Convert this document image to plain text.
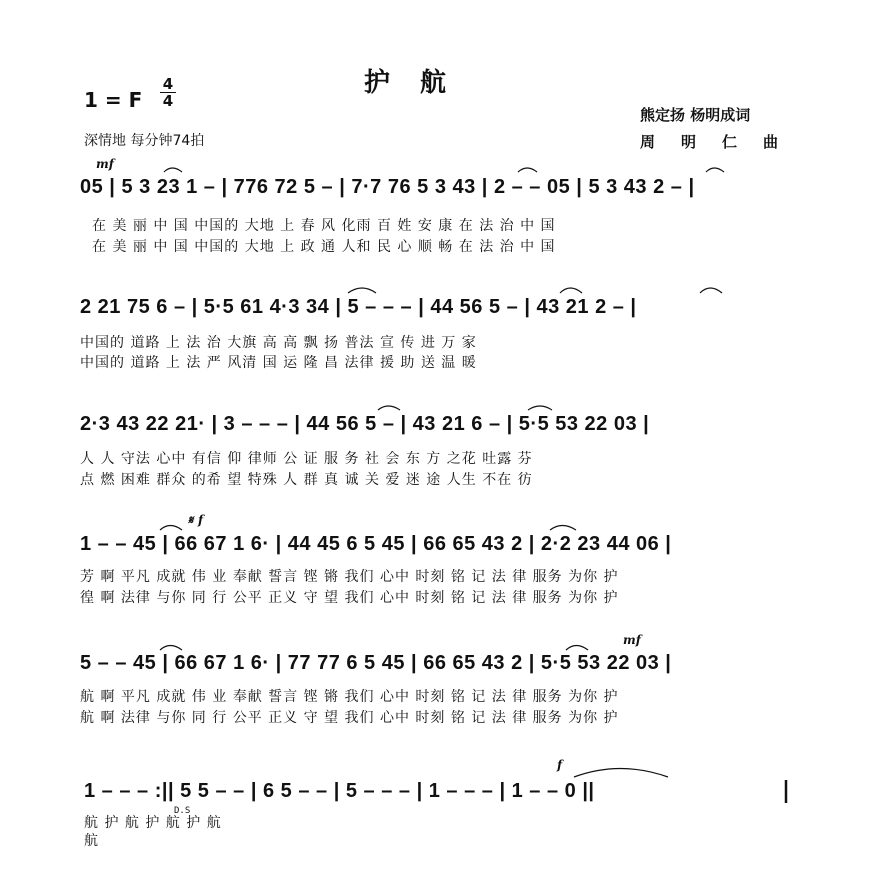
护航
1 = F
4
4
深情地 每分钟74拍
熊定扬 杨明成词
周明仁曲
mf
𝄋 f
mf
f
D.S
05 | 5 3 23 1 – | 776 72 5 – | 7·7 76 5 3 43 | 2 – – 05 | 5 3 43 2 – |
在 美 丽 中 国 中国的 大地 上 春 风 化雨 百 姓 安 康 在 法 治 中 国
在 美 丽 中 国 中国的 大地 上 政 通 人和 民 心 顺 畅 在 法 治 中 国
2 21 75 6 – | 5·5 61 4·3 34 | 5 – – – | 44 56 5 – | 43 21 2 – |
中国的 道路 上 法 治 大旗 高 高 飘 扬 普法 宣 传 进 万 家
中国的 道路 上 法 严 风清 国 运 隆 昌 法律 援 助 送 温 暖
2·3 43 22 21· | 3 – – – | 44 56 5 – | 43 21 6 – | 5·5 53 22 03 |
人 人 守法 心中 有信 仰 律师 公 证 服 务 社 会 东 方 之花 吐露 芬
点 燃 困难 群众 的希 望 特殊 人 群 真 诚 关 爱 迷 途 人生 不在 彷
1 – – 45 | 66 67 1 6· | 44 45 6 5 45 | 66 65 43 2 | 2·2 23 44 06 |
芳 啊 平凡 成就 伟 业 奉献 誓言 铿 锵 我们 心中 时刻 铭 记 法 律 服务 为你 护
徨 啊 法律 与你 同 行 公平 正义 守 望 我们 心中 时刻 铭 记 法 律 服务 为你 护
5 – – 45 | 66 67 1 6· | 77 77 6 5 45 | 66 65 43 2 | 5·5 53 22 03 |
航 啊 平凡 成就 伟 业 奉献 誓言 铿 锵 我们 心中 时刻 铭 记 法 律 服务 为你 护
航 啊 法律 与你 同 行 公平 正义 守 望 我们 心中 时刻 铭 记 法 律 服务 为你 护
1 – – – :|| 5 5 – – | 6 5 – – | 5 – – – | 1 – – – | 1 – – 0 ||
航 护 航 护 航 护 航
航
